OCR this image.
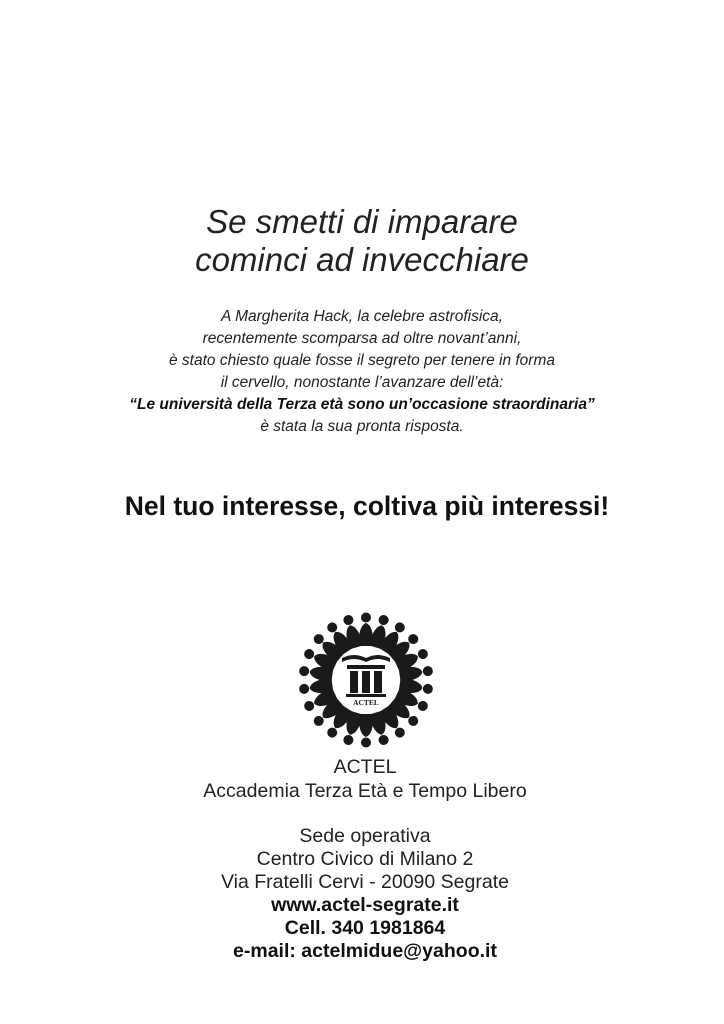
Se smetti di imparare
cominci ad invecchiare
A Margherita Hack, la celebre astrofisica,
recentemente scomparsa ad oltre novant’anni,
è stato chiesto quale fosse il segreto per tenere in forma
il cervello, nonostante l’avanzare dell’età:
“Le università della Terza età sono un’occasione straordinaria”
è stata la sua pronta risposta.
Nel tuo interesse, coltiva più interessi!
ACTEL
ACTEL
Accademia Terza Età e Tempo Libero
Sede operativa
Centro Civico di Milano 2
Via Fratelli Cervi - 20090 Segrate
www.actel-segrate.it
Cell. 340 1981864
e-mail: actelmidue@yahoo.it
